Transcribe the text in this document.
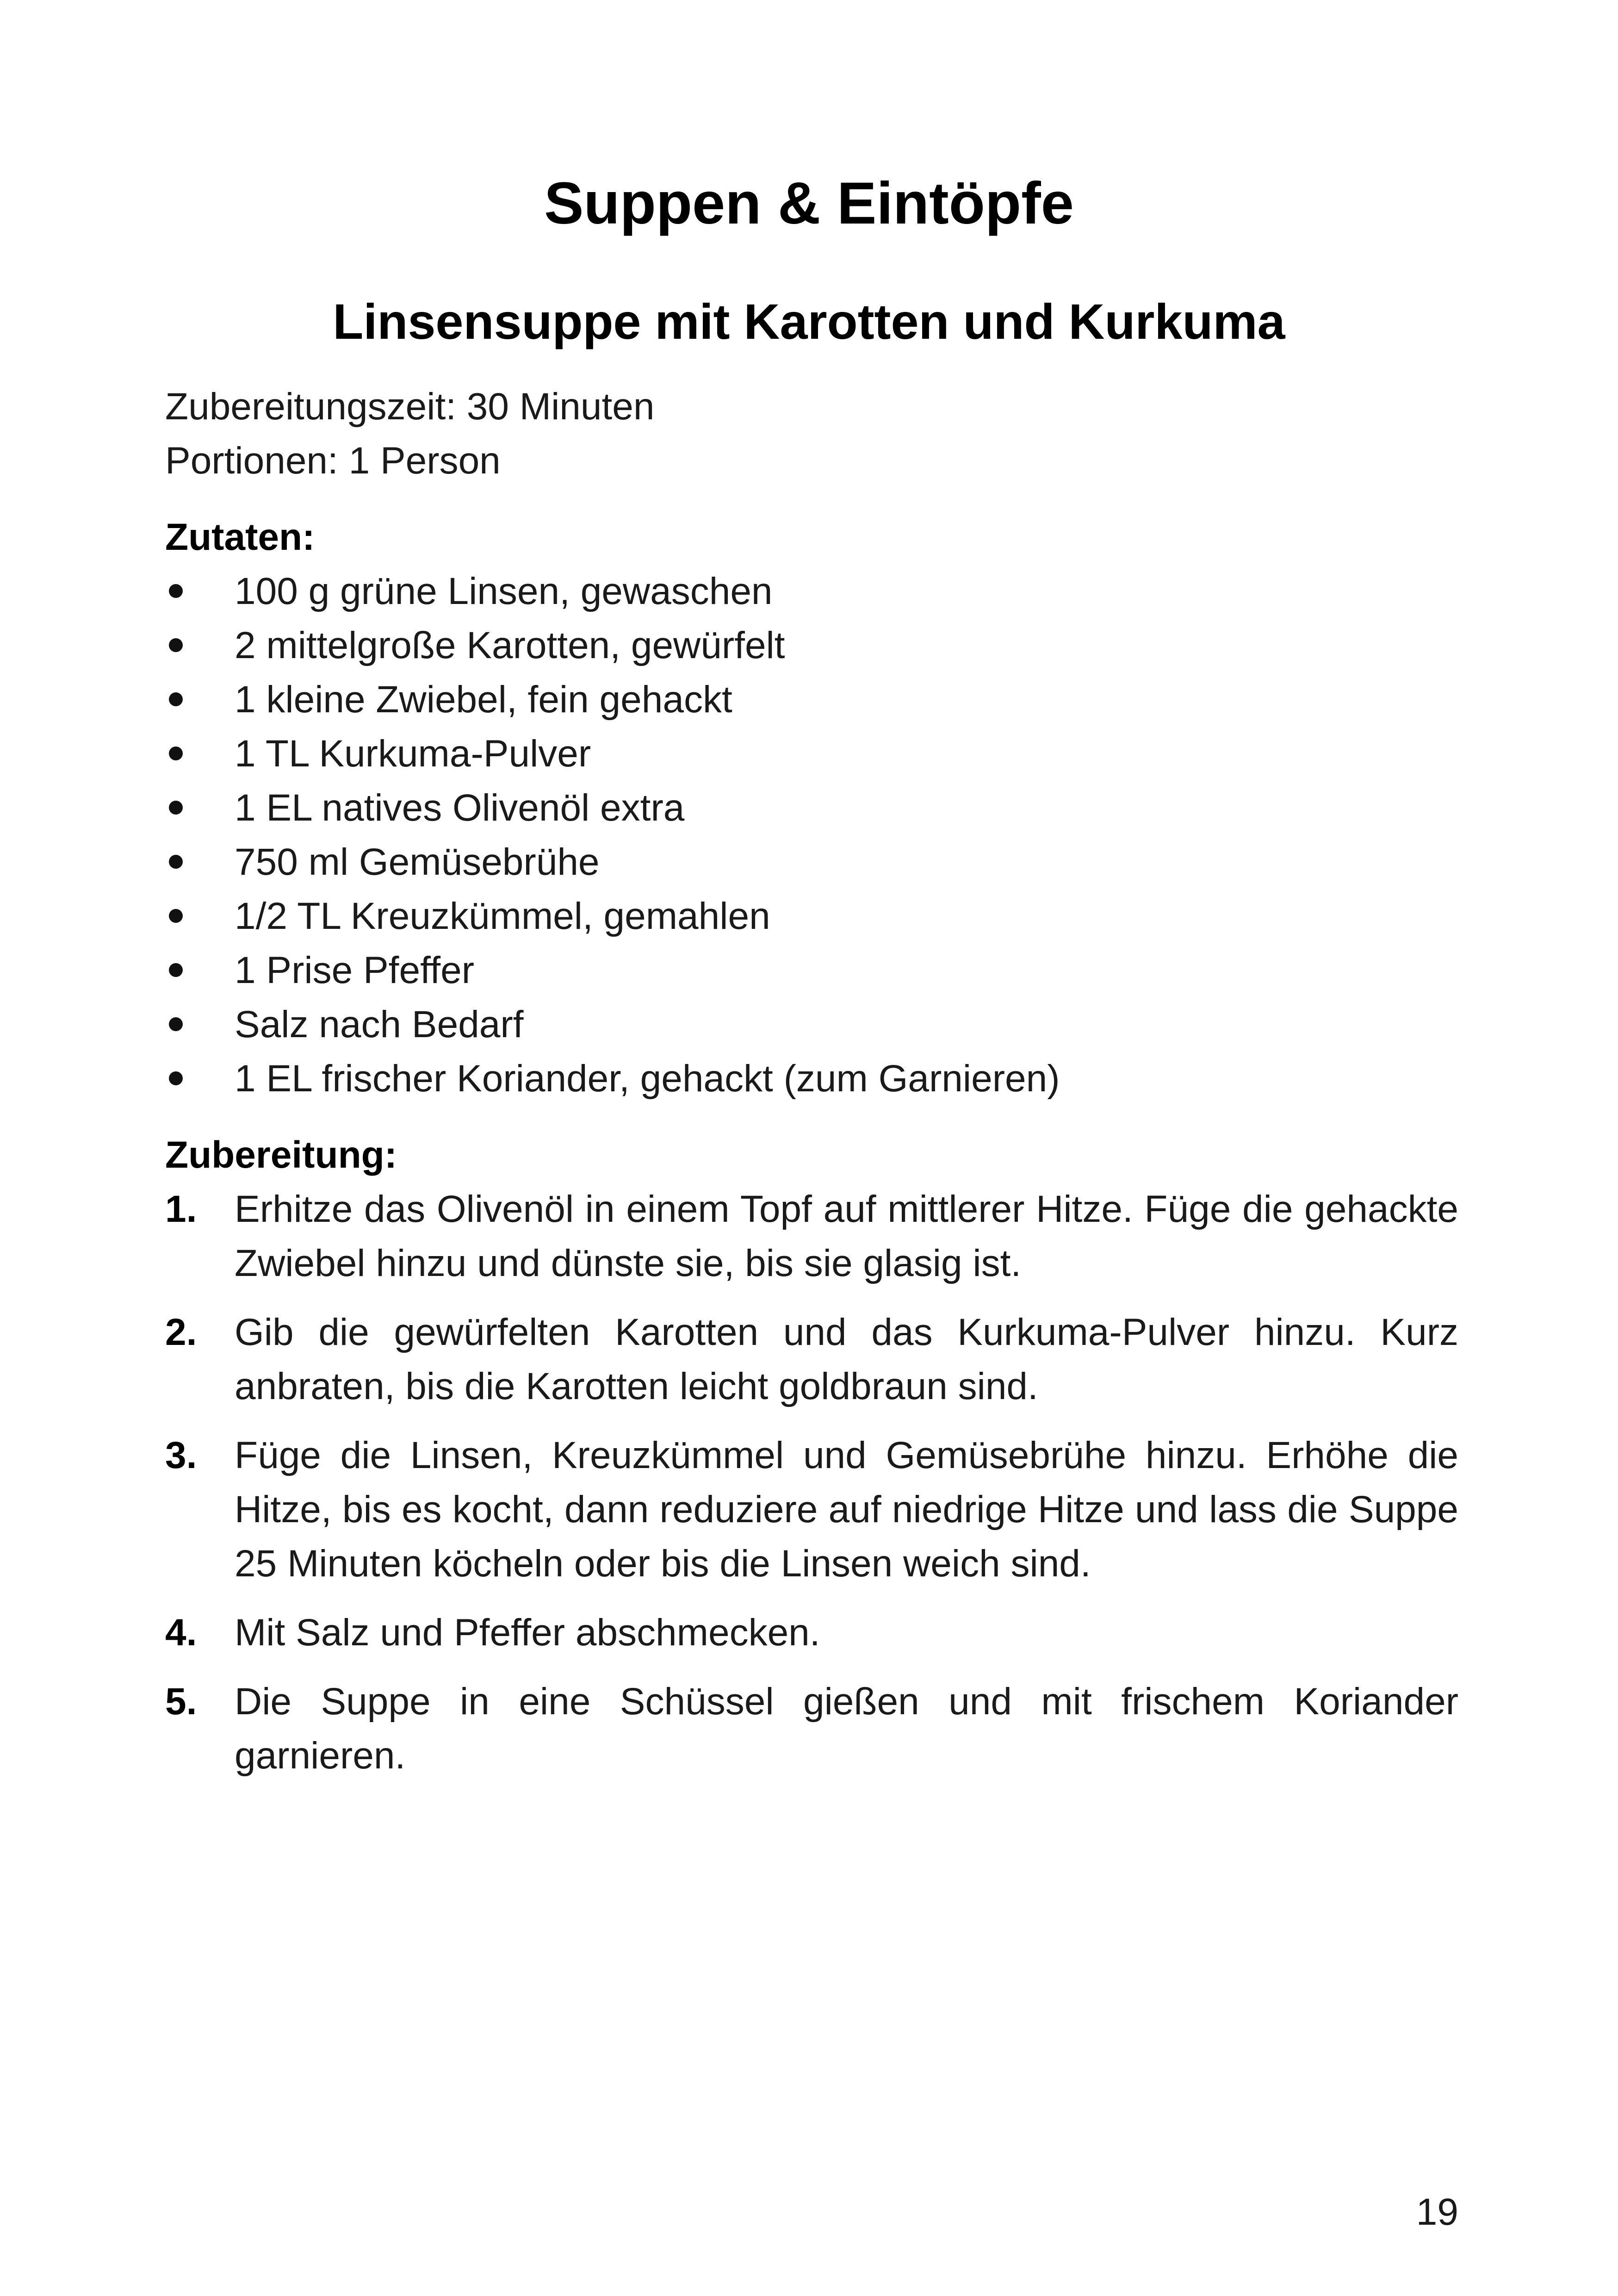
Suppen & Eintöpfe
Linsensuppe mit Karotten und Kurkuma

Zubereitungszeit: 30 Minuten

Portionen: 1 Person

Zutaten:
100 g grüne Linsen, gewaschen
2 mittelgroße Karotten, gewürfelt
1 kleine Zwiebel, fein gehackt
1 TL Kurkuma-Pulver
1 EL natives Olivenöl extra
750 ml Gemüsebrühe
1/2 TL Kreuzkümmel, gemahlen
1 Prise Pfeffer
Salz nach Bedarf
1 EL frischer Koriander, gehackt (zum Garnieren)
Zubereitung:
1. Erhitze das Olivenöl in einem Topf auf mittlerer Hitze. Füge die gehackte Zwiebel hinzu und dünste sie, bis sie glasig ist.
2. Gib die gewürfelten Karotten und das Kurkuma-Pulver hinzu. Kurz anbraten, bis die Karotten leicht goldbraun sind.
3. Füge die Linsen, Kreuzkümmel und Gemüsebrühe hinzu. Erhöhe die Hitze, bis es kocht, dann reduziere auf niedrige Hitze und lass die Suppe 25 Minuten köcheln oder bis die Linsen weich sind.
4. Mit Salz und Pfeffer abschmecken.
5. Die Suppe in eine Schüssel gießen und mit frischem Koriander garnieren.
19
